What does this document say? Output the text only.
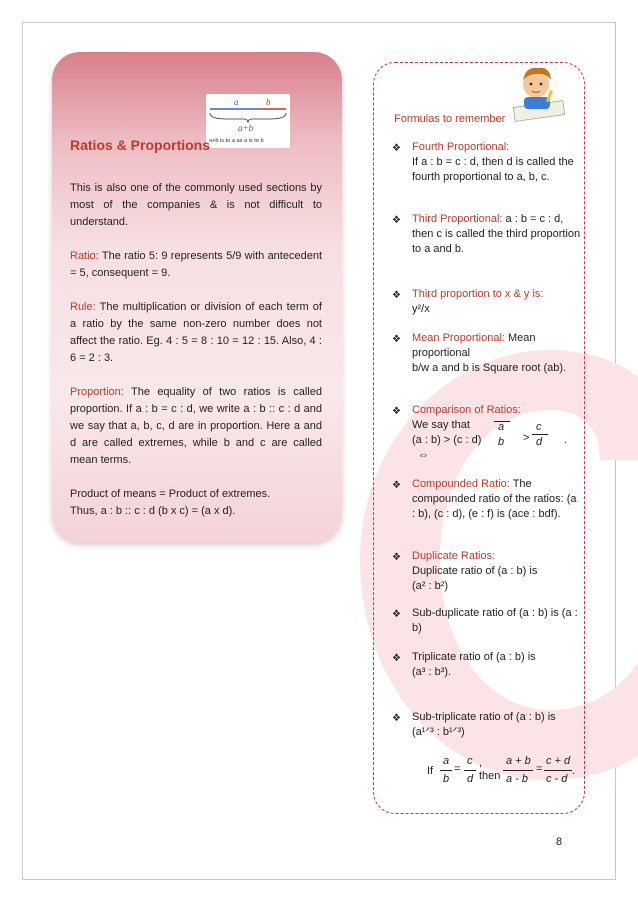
a	b
a+b
a+b is to a as a is to b
Ratios & Proportions

This is also one of the commonly used sections by most of the companies & is not difficult to understand.

Ratio: The ratio 5: 9 represents 5/9 with antecedent = 5, consequent = 9.

Rule: The multiplication or division of each term of a ratio by the same non-zero number does not affect the ratio. Eg. 4 : 5 = 8 : 10 = 12 : 15. Also, 4 : 6 = 2 : 3.

Proportion: The equality of two ratios is called proportion. If a : b = c : d, we write a : b :: c : d and we say that a, b, c, d are in proportion. Here a and d are called extremes, while b and c are called mean terms.

Product of means = Product of extremes.
Thus, a : b :: c : d (b x c) = (a x d).

Formulas to remember
❖ Fourth Proportional:
If a : b = c : d, then d is called the fourth proportional to a, b, c.
❖ Third Proportional: a : b = c : d, then c is called the third proportion to a and b.
❖ Third proportion to x & y is:
y²/x
❖ Mean Proportional: Mean proportional
b/w a and b is Square root (ab).
❖ Comparison of Ratios:
We say that
(a : b) > (c : d)
⇔
a
b >
c
d .
❖ Compounded Ratio: The compounded ratio of the ratios: (a : b), (c : d), (e : f) is (ace : bdf).
❖ Duplicate Ratios:
Duplicate ratio of (a : b) is
(a² : b²)
❖ Sub-duplicate ratio of (a : b) is (a : b)
❖ Triplicate ratio of (a : b) is
(a³ : b³).
❖ Sub-triplicate ratio of (a : b) is
(a¹ᐟ³ : b¹ᐟ³)
If
a
b
=
c
d
,
then
a + b
a - b
=
c + d
c - d
.
8
